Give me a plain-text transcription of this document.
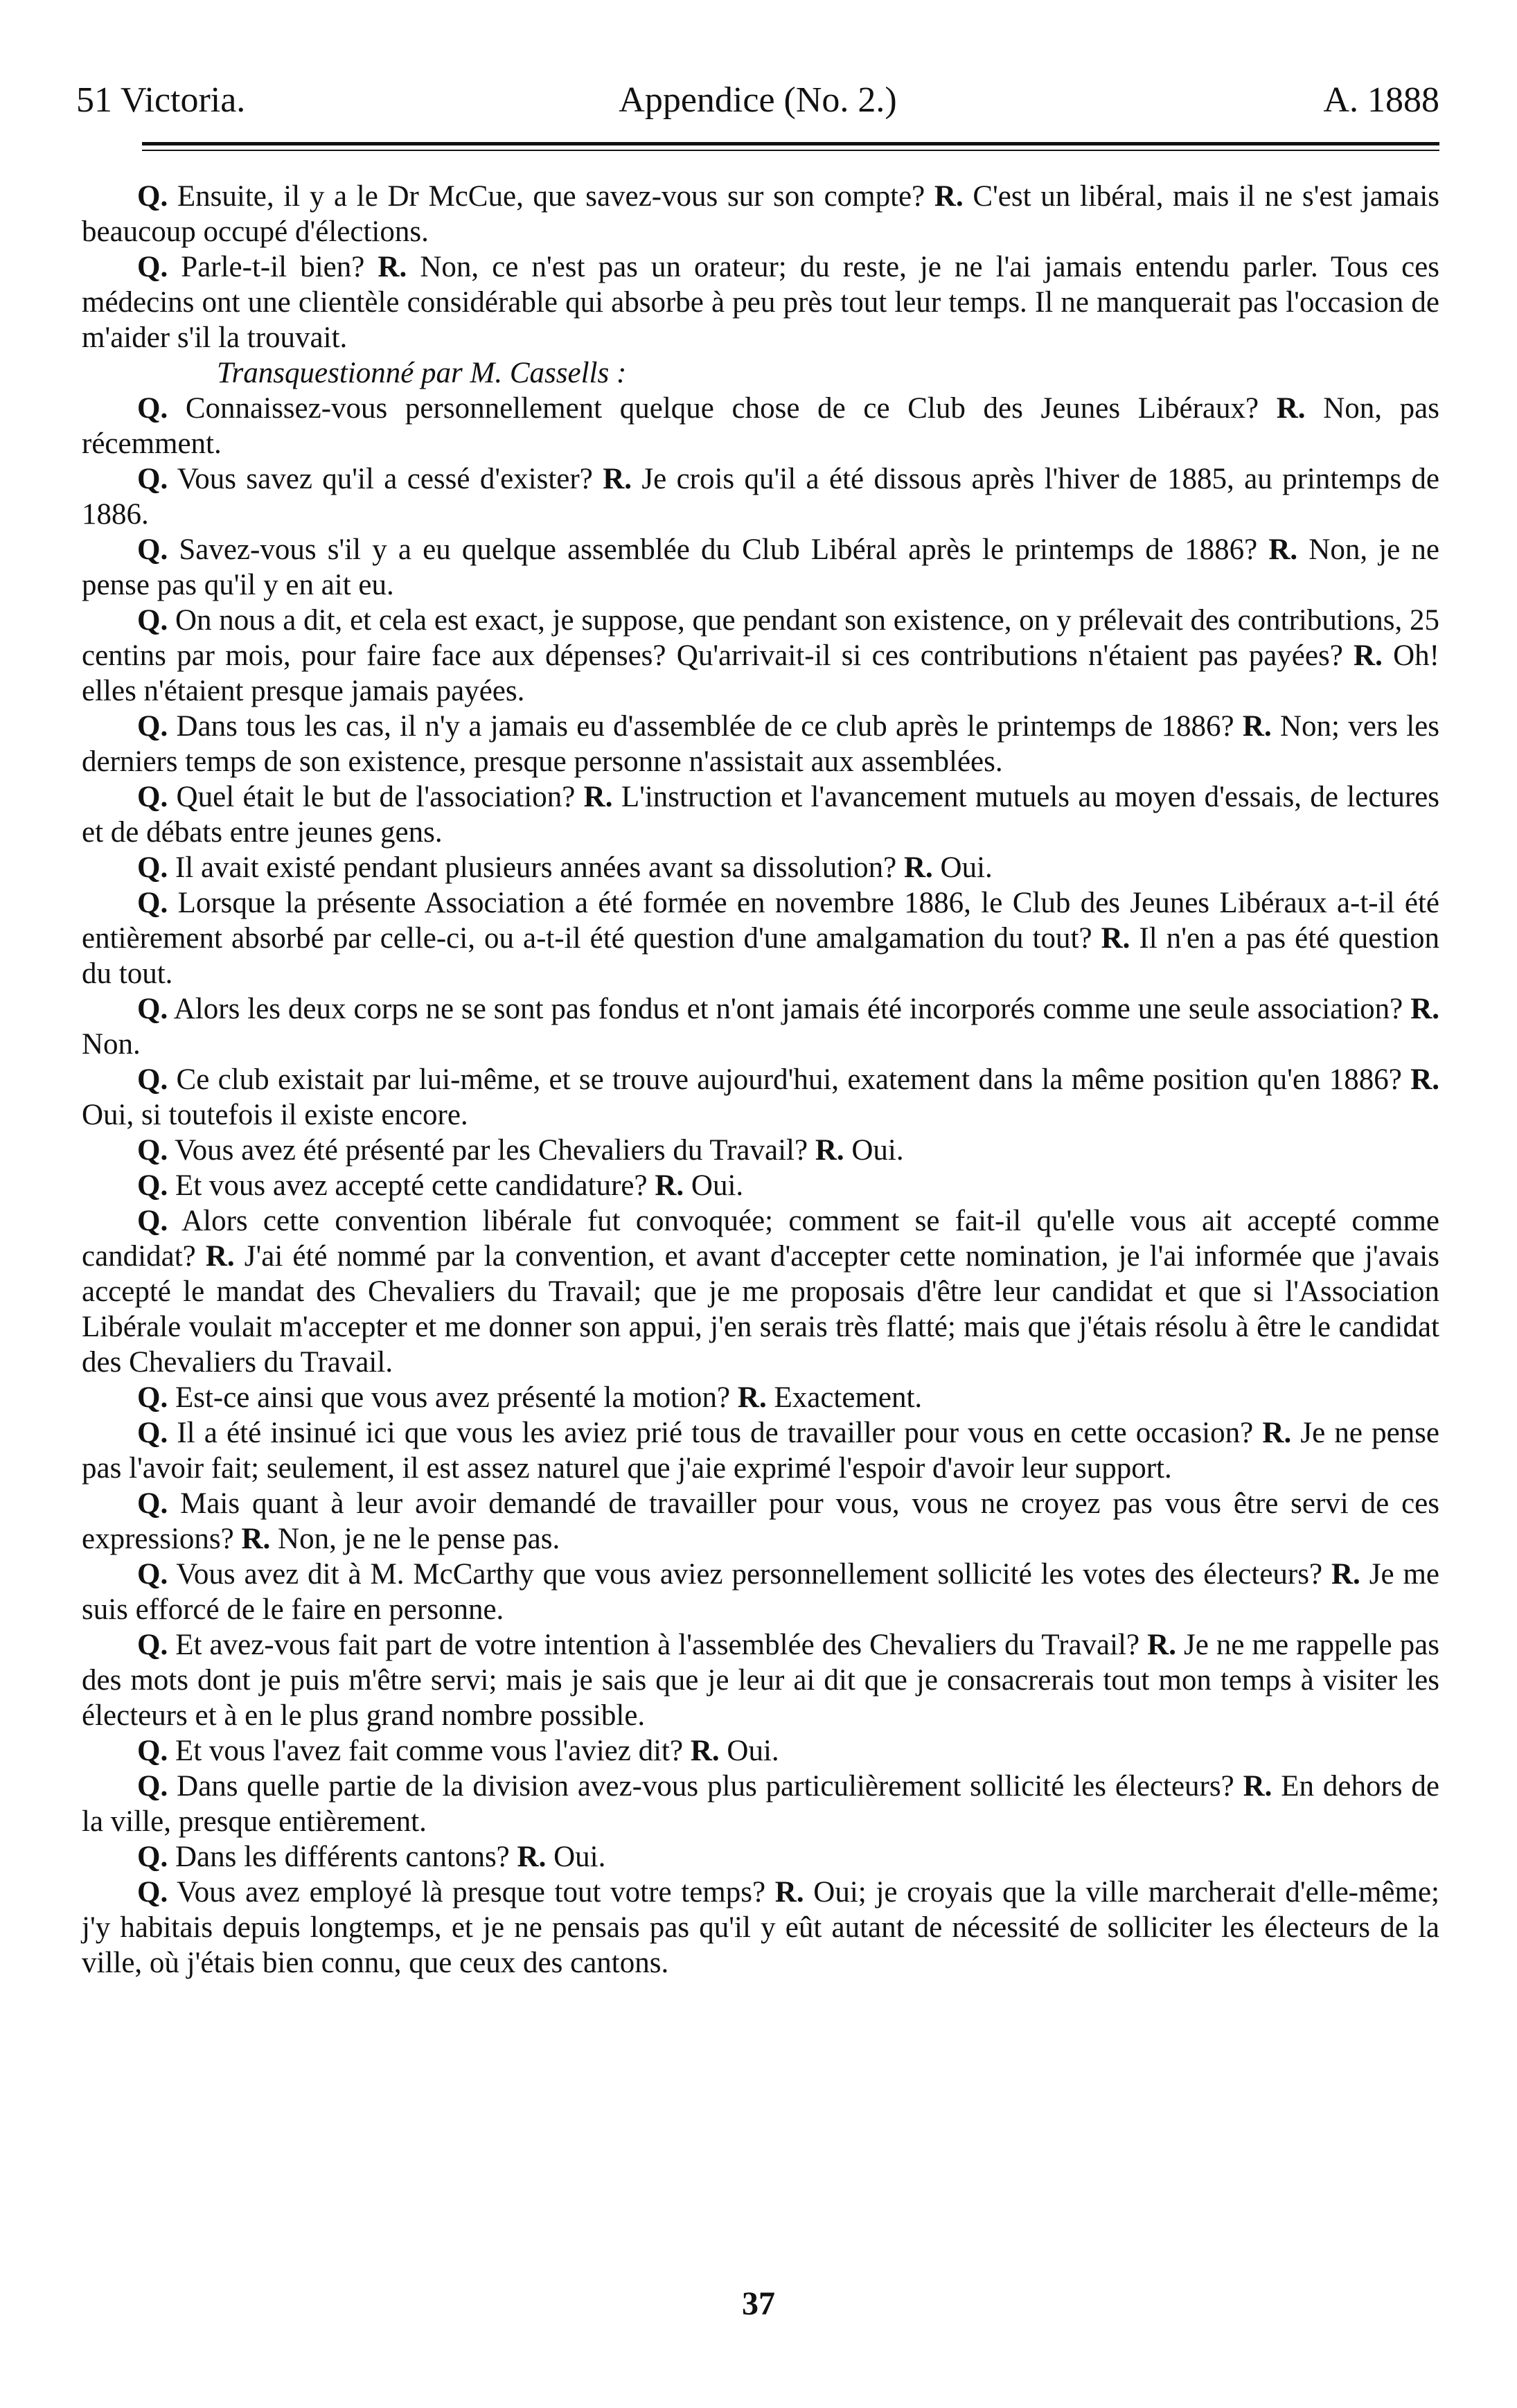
51 Victoria.	Appendice (No. 2.)	A. 1888

Q. Ensuite, il y a le Dr McCue, que savez-vous sur son compte? R. C'est un libéral, mais il ne s'est jamais beaucoup occupé d'élections.

Q. Parle-t-il bien? R. Non, ce n'est pas un orateur; du reste, je ne l'ai jamais entendu parler. Tous ces médecins ont une clientèle considérable qui absorbe à peu près tout leur temps. Il ne manquerait pas l'occasion de m'aider s'il la trouvait.

Transquestionné par M. Cassells :

Q. Connaissez-vous personnellement quelque chose de ce Club des Jeunes Libéraux? R. Non, pas récemment.

Q. Vous savez qu'il a cessé d'exister? R. Je crois qu'il a été dissous après l'hiver de 1885, au printemps de 1886.

Q. Savez-vous s'il y a eu quelque assemblée du Club Libéral après le printemps de 1886? R. Non, je ne pense pas qu'il y en ait eu.

Q. On nous a dit, et cela est exact, je suppose, que pendant son existence, on y prélevait des contributions, 25 centins par mois, pour faire face aux dépenses? Qu'arrivait-il si ces contributions n'étaient pas payées? R. Oh! elles n'étaient presque jamais payées.

Q. Dans tous les cas, il n'y a jamais eu d'assemblée de ce club après le printemps de 1886? R. Non; vers les derniers temps de son existence, presque personne n'assistait aux assemblées.

Q. Quel était le but de l'association? R. L'instruction et l'avancement mutuels au moyen d'essais, de lectures et de débats entre jeunes gens.

Q. Il avait existé pendant plusieurs années avant sa dissolution? R. Oui.

Q. Lorsque la présente Association a été formée en novembre 1886, le Club des Jeunes Libéraux a-t-il été entièrement absorbé par celle-ci, ou a-t-il été question d'une amalgamation du tout? R. Il n'en a pas été question du tout.

Q. Alors les deux corps ne se sont pas fondus et n'ont jamais été incorporés comme une seule association? R. Non.

Q. Ce club existait par lui-même, et se trouve aujourd'hui, exatement dans la même position qu'en 1886? R. Oui, si toutefois il existe encore.

Q. Vous avez été présenté par les Chevaliers du Travail? R. Oui.

Q. Et vous avez accepté cette candidature? R. Oui.

Q. Alors cette convention libérale fut convoquée; comment se fait-il qu'elle vous ait accepté comme candidat? R. J'ai été nommé par la convention, et avant d'accepter cette nomination, je l'ai informée que j'avais accepté le mandat des Chevaliers du Travail; que je me proposais d'être leur candidat et que si l'Association Libérale voulait m'accepter et me donner son appui, j'en serais très flatté; mais que j'étais résolu à être le candidat des Chevaliers du Travail.

Q. Est-ce ainsi que vous avez présenté la motion? R. Exactement.

Q. Il a été insinué ici que vous les aviez prié tous de travailler pour vous en cette occasion? R. Je ne pense pas l'avoir fait; seulement, il est assez naturel que j'aie exprimé l'espoir d'avoir leur support.

Q. Mais quant à leur avoir demandé de travailler pour vous, vous ne croyez pas vous être servi de ces expressions? R. Non, je ne le pense pas.

Q. Vous avez dit à M. McCarthy que vous aviez personnellement sollicité les votes des électeurs? R. Je me suis efforcé de le faire en personne.

Q. Et avez-vous fait part de votre intention à l'assemblée des Chevaliers du Travail? R. Je ne me rappelle pas des mots dont je puis m'être servi; mais je sais que je leur ai dit que je consacrerais tout mon temps à visiter les électeurs et à en le plus grand nombre possible.

Q. Et vous l'avez fait comme vous l'aviez dit? R. Oui.

Q. Dans quelle partie de la division avez-vous plus particulièrement sollicité les électeurs? R. En dehors de la ville, presque entièrement.

Q. Dans les différents cantons? R. Oui.

Q. Vous avez employé là presque tout votre temps? R. Oui; je croyais que la ville marcherait d'elle-même; j'y habitais depuis longtemps, et je ne pensais pas qu'il y eût autant de nécessité de solliciter les électeurs de la ville, où j'étais bien connu, que ceux des cantons.

37
